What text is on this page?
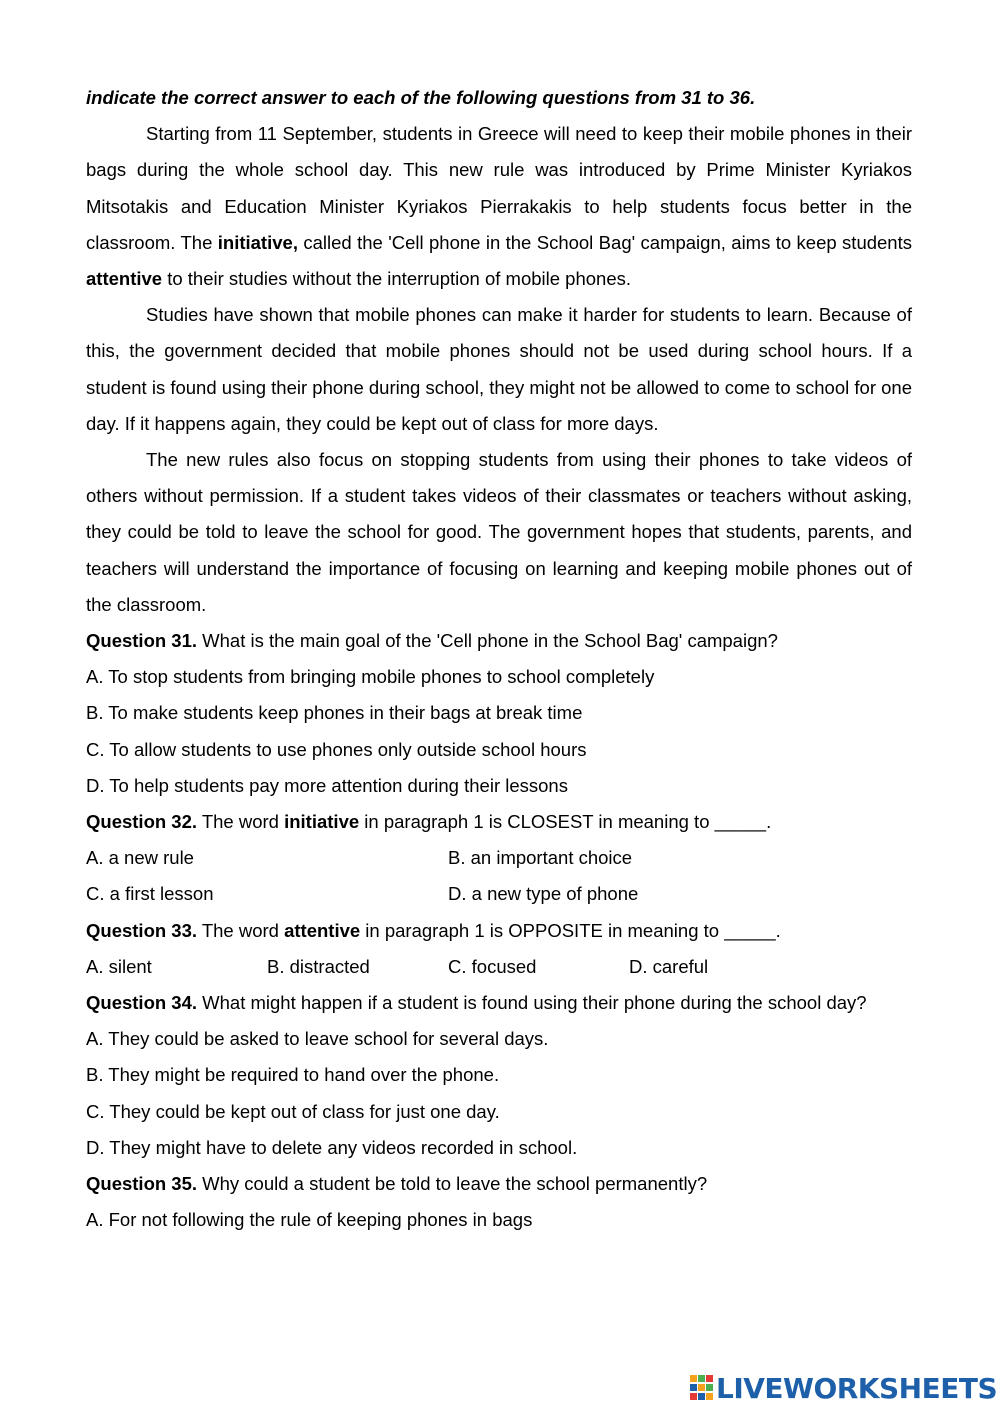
indicate the correct answer to each of the following questions from 31 to 36.

Starting from 11 September, students in Greece will need to keep their mobile phones in their bags during the whole school day. This new rule was introduced by Prime Minister Kyriakos Mitsotakis and Education Minister Kyriakos Pierrakakis to help students focus better in the classroom. The initiative, called the 'Cell phone in the School Bag' campaign, aims to keep students attentive to their studies without the interruption of mobile phones.

Studies have shown that mobile phones can make it harder for students to learn. Because of this, the government decided that mobile phones should not be used during school hours. If a student is found using their phone during school, they might not be allowed to come to school for one day. If it happens again, they could be kept out of class for more days.

The new rules also focus on stopping students from using their phones to take videos of others without permission. If a student takes videos of their classmates or teachers without asking, they could be told to leave the school for good. The government hopes that students, parents, and teachers will understand the importance of focusing on learning and keeping mobile phones out of the classroom.

Question 31. What is the main goal of the 'Cell phone in the School Bag' campaign?
A. To stop students from bringing mobile phones to school completely
B. To make students keep phones in their bags at break time
C. To allow students to use phones only outside school hours
D. To help students pay more attention during their lessons
Question 32. The word initiative in paragraph 1 is CLOSEST in meaning to _____.
A. a new rule	B. an important choice
C. a first lesson	D. a new type of phone
Question 33. The word attentive in paragraph 1 is OPPOSITE in meaning to _____.
A. silent	B. distracted	C. focused	D. careful

Question 34. What might happen if a student is found using their phone during the school day?

A. They could be asked to leave school for several days.
B. They might be required to hand over the phone.
C. They could be kept out of class for just one day.
D. They might have to delete any videos recorded in school.
Question 35. Why could a student be told to leave the school permanently?
A. For not following the rule of keeping phones in bags
LIVEWORKSHEETS
